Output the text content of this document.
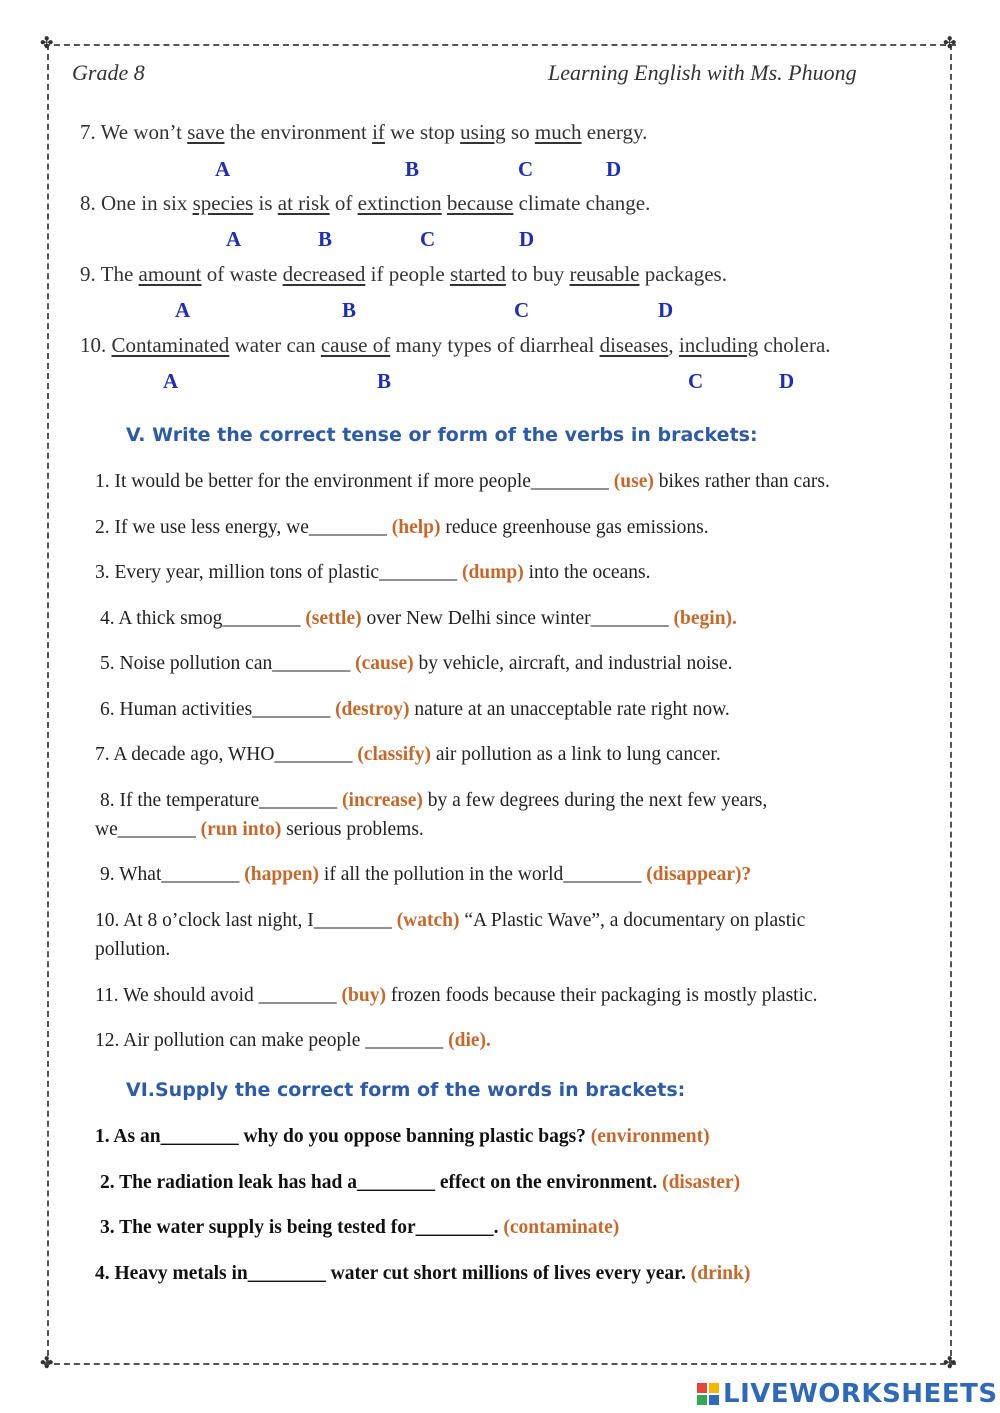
✤	✤
✤	✤
Grade 8	Learning English with Ms. Phuong
7. We won’t save the environment if we stop using so much energy.
A	B	C	D
8. One in six species is at risk of extinction because climate change.
A	B	C	D
9. The amount of waste decreased if people started to buy reusable packages.
A	B	C	D
10. Contaminated water can cause of many types of diarrheal diseases, including cholera.
A	B	C	D
V. Write the correct tense or form of the verbs in brackets:
1. It would be better for the environment if more people________ (use) bikes rather than cars.
2. If we use less energy, we________ (help) reduce greenhouse gas emissions.
3. Every year, million tons of plastic________ (dump) into the oceans.
4. A thick smog________ (settle) over New Delhi since winter________ (begin).
5. Noise pollution can________ (cause) by vehicle, aircraft, and industrial noise.
6. Human activities________ (destroy) nature at an unacceptable rate right now.
7. A decade ago, WHO________ (classify) air pollution as a link to lung cancer.
8. If the temperature________ (increase) by a few degrees during the next few years,
we________ (run into) serious problems.
9. What________ (happen) if all the pollution in the world________ (disappear)?
10. At 8 o’clock last night, I________ (watch) “A Plastic Wave”, a documentary on plastic
pollution.
11. We should avoid ________ (buy) frozen foods because their packaging is mostly plastic.
12. Air pollution can make people ________ (die).
VI.Supply the correct form of the words in brackets:
1. As an________ why do you oppose banning plastic bags? (environment)
2. The radiation leak has had a________ effect on the environment. (disaster)
3. The water supply is being tested for________. (contaminate)
4. Heavy metals in________ water cut short millions of lives every year. (drink)
LIVEWORKSHEETS
